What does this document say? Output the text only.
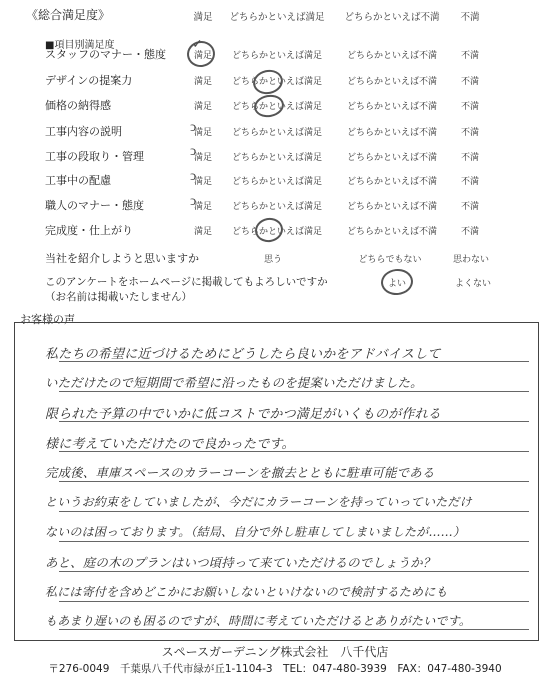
《総合満足度》	満足	どちらかといえば満足	どちらかといえば不満	不満
■項目別満足度
スタッフのマナー・態度	満足	どちらかといえば満足	どちらかといえば不満	不満
デザインの提案力	満足	どちらかといえば満足	どちらかといえば不満	不満
価格の納得感	満足	どちらかといえば満足	どちらかといえば不満	不満
工事内容の説明	満足	どちらかといえば満足	どちらかといえば不満	不満
工事の段取り・管理	満足	どちらかといえば満足	どちらかといえば不満	不満
工事中の配慮	満足	どちらかといえば満足	どちらかといえば不満	不満
職人のマナー・態度	満足	どちらかといえば満足	どちらかといえば不満	不満
完成度・仕上がり	満足	どちらかといえば満足	どちらかといえば不満	不満
✓
ↄ
ↄ
ↄ
ↄ
当社を紹介しようと思いますか	思う	どちらでもない	思わない
このアンケートをホームページに掲載してもよろしいですか
（お名前は掲載いたしません）
よい	よくない
お客様の声
私たちの希望に近づけるためにどうしたら良いかをアドバイスして
いただけたので短期間で希望に沿ったものを提案いただけました。
限られた予算の中でいかに低コストでかつ満足がいくものが作れる
様に考えていただけたので良かったです。
完成後、車庫スペースのカラーコーンを撤去とともに駐車可能である
というお約束をしていましたが、今だにカラーコーンを持っていっていただけ
ないのは困っております。（結局、自分で外し駐車してしまいましたが……）
あと、庭の木のプランはいつ頃持って来ていただけるのでしょうか？
私には寄付を含めどこかにお願いしないといけないので検討するためにも
もあまり遅いのも困るのですが、時間に考えていただけるとありがたいです。
スペースガーデニング株式会社　八千代店
〒276-0049　千葉県八千代市緑が丘1-1104-3　TEL：047-480-3939　FAX：047-480-3940
